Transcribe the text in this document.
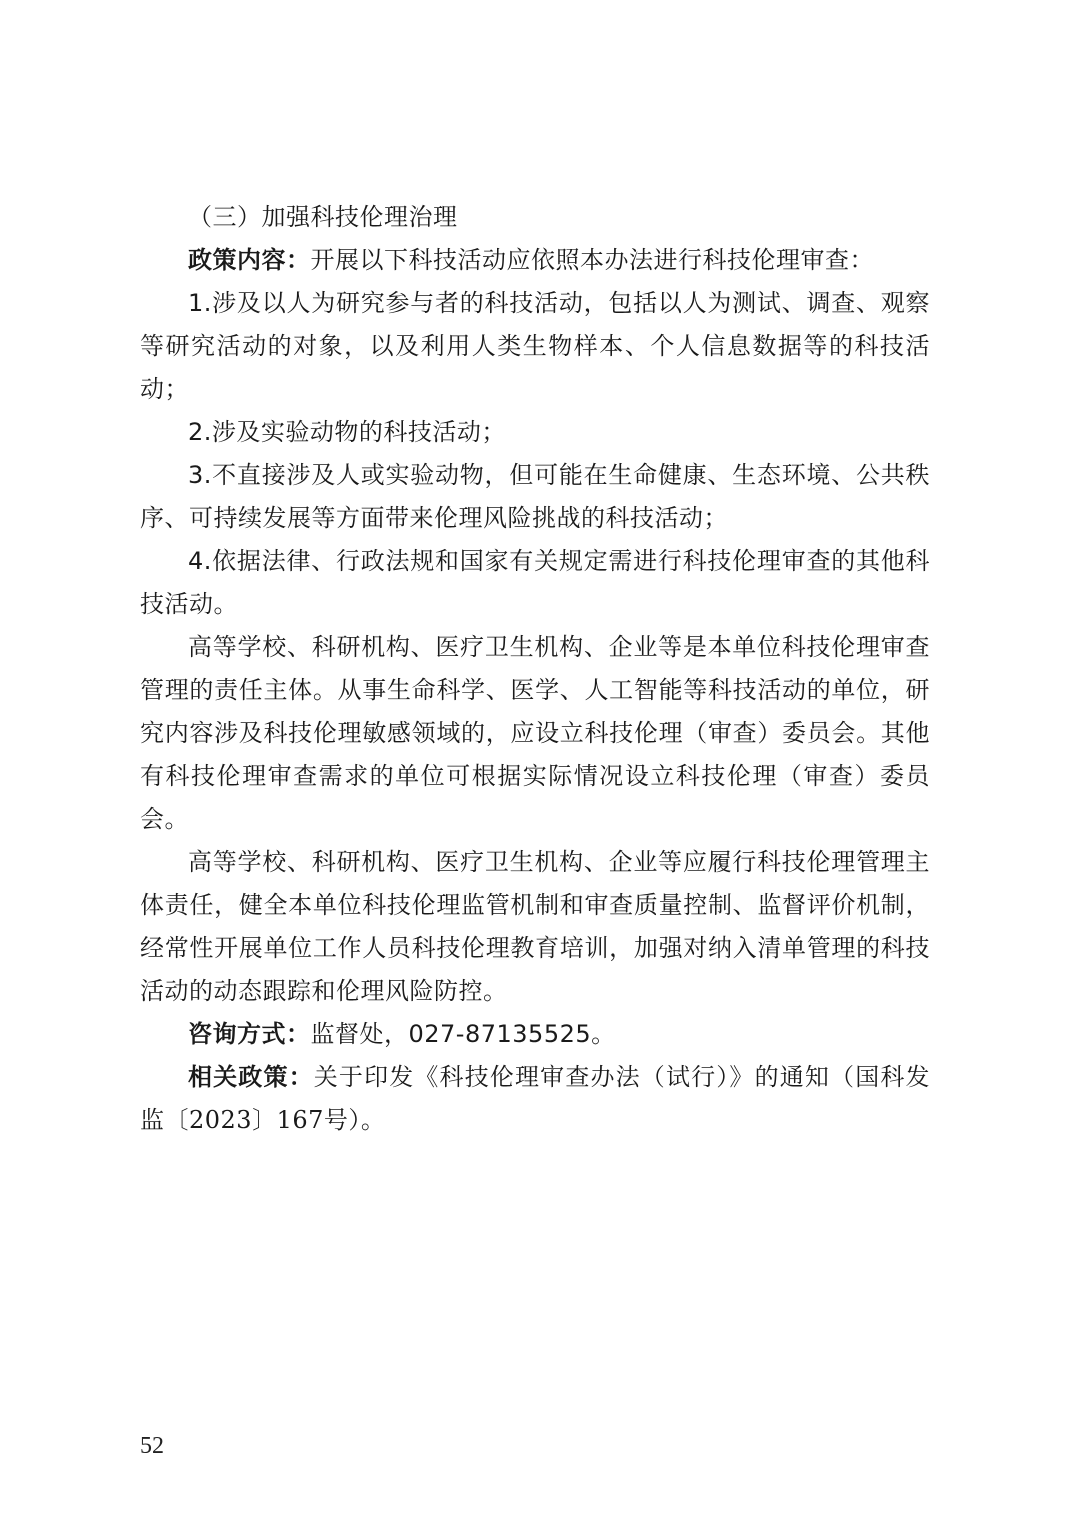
（三）加强科技伦理治理

政策内容：开展以下科技活动应依照本办法进行科技伦理审查：

1.涉及以人为研究参与者的科技活动，包括以人为测试、调查、观察等研究活动的对象，以及利用人类生物样本、个人信息数据等的科技活动；

2.涉及实验动物的科技活动；

3.不直接涉及人或实验动物，但可能在生命健康、生态环境、公共秩序、可持续发展等方面带来伦理风险挑战的科技活动；

4.依据法律、行政法规和国家有关规定需进行科技伦理审查的其他科技活动。

高等学校、科研机构、医疗卫生机构、企业等是本单位科技伦理审查管理的责任主体。从事生命科学、医学、人工智能等科技活动的单位，研究内容涉及科技伦理敏感领域的，应设立科技伦理（审查）委员会。其他有科技伦理审查需求的单位可根据实际情况设立科技伦理（审查）委员会。

高等学校、科研机构、医疗卫生机构、企业等应履行科技伦理管理主体责任，健全本单位科技伦理监管机制和审查质量控制、监督评价机制，经常性开展单位工作人员科技伦理教育培训，加强对纳入清单管理的科技活动的动态跟踪和伦理风险防控。

咨询方式：监督处，027-87135525。

相关政策：关于印发《科技伦理审查办法（试行）》的通知（国科发监〔2023〕167号）。

52
